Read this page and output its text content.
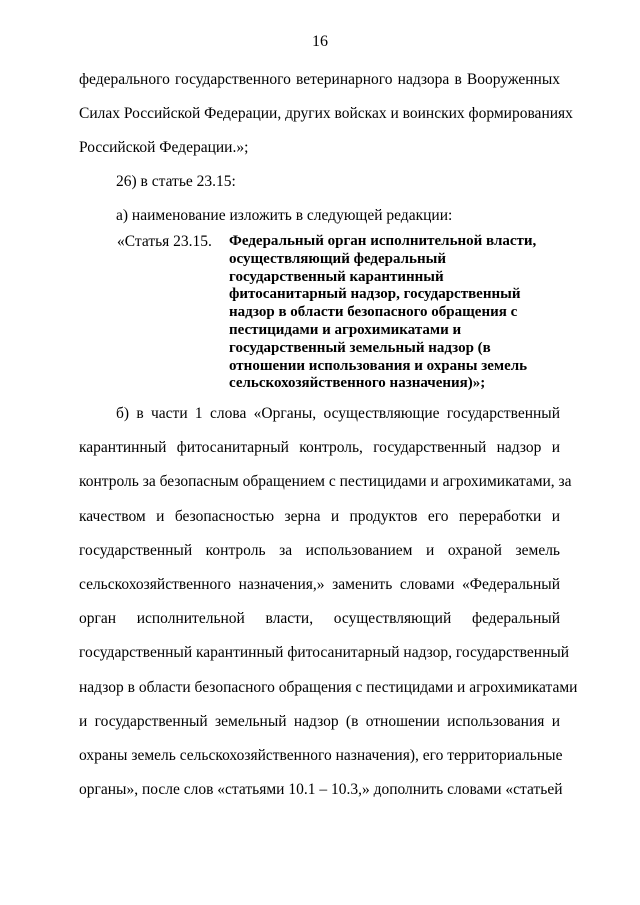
16

федерального государственного ветеринарного надзора в Вооруженных
Силах Российской Федерации, других войсках и воинских формированиях
Российской Федерации.»;

26) в статье 23.15:

а) наименование изложить в следующей редакции:

«Статья 23.15.	Федеральный орган исполнительной власти,
осуществляющий федеральный
государственный карантинный
фитосанитарный надзор, государственный
надзор в области безопасного обращения с
пестицидами и агрохимикатами и
государственный земельный надзор (в
отношении использования и охраны земель
сельскохозяйственного назначения)»;

б) в части 1 слова «Органы, осуществляющие государственный
карантинный фитосанитарный контроль, государственный надзор и
контроль за безопасным обращением с пестицидами и агрохимикатами, за
качеством и безопасностью зерна и продуктов его переработки и
государственный контроль за использованием и охраной земель
сельскохозяйственного назначения,» заменить словами «Федеральный
орган исполнительной власти, осуществляющий федеральный
государственный карантинный фитосанитарный надзор, государственный
надзор в области безопасного обращения с пестицидами и агрохимикатами
и государственный земельный надзор (в отношении использования и
охраны земель сельскохозяйственного назначения), его территориальные
органы», после слов «статьями 10.1 – 10.3,» дополнить словами «статьей
